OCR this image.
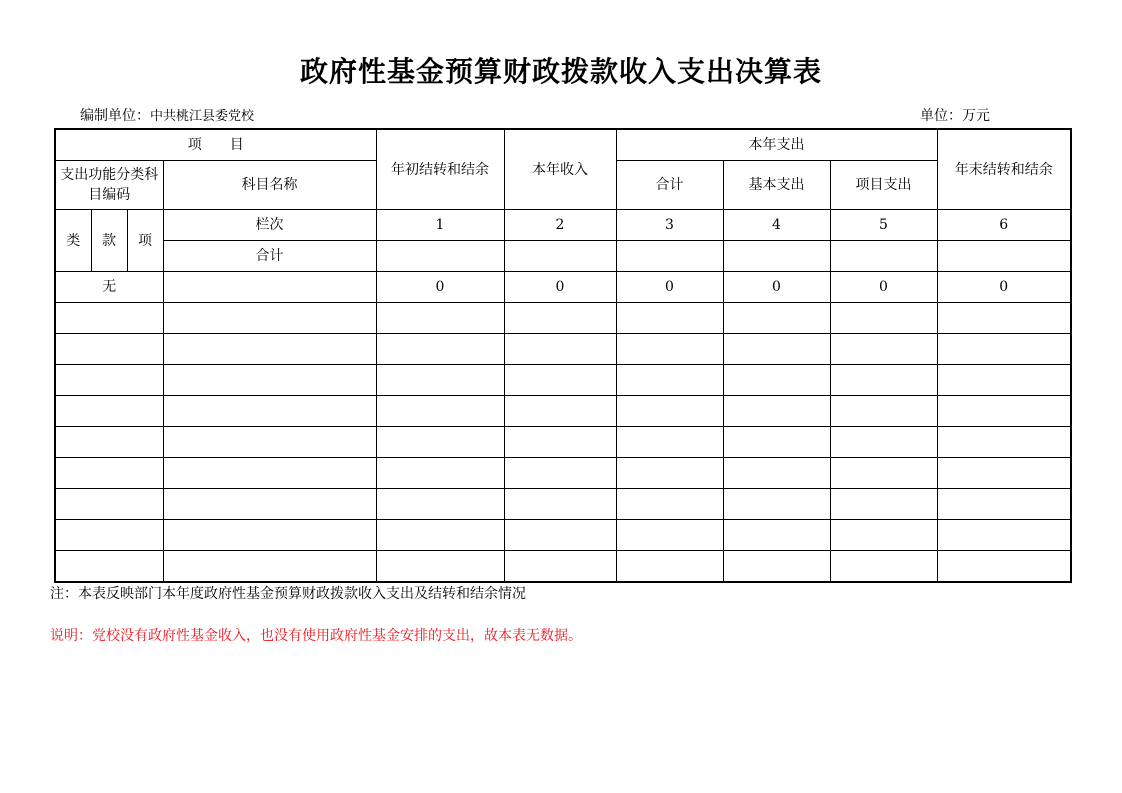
政府性基金预算财政拨款收入支出决算表
编制单位：中共桃江县委党校	单位：万元
项　　目				年初结转和结余	本年收入	本年支出			年末结转和结余
支出功能分类科目编码			科目名称			合计	基本支出	项目支出	
类	款	项	栏次	1	2	3	4	5	6
			合计						
无				0	0	0	0	0	0

注：本表反映部门本年度政府性基金预算财政拨款收入支出及结转和结余情况
说明：党校没有政府性基金收入，也没有使用政府性基金安排的支出，故本表无数据。
